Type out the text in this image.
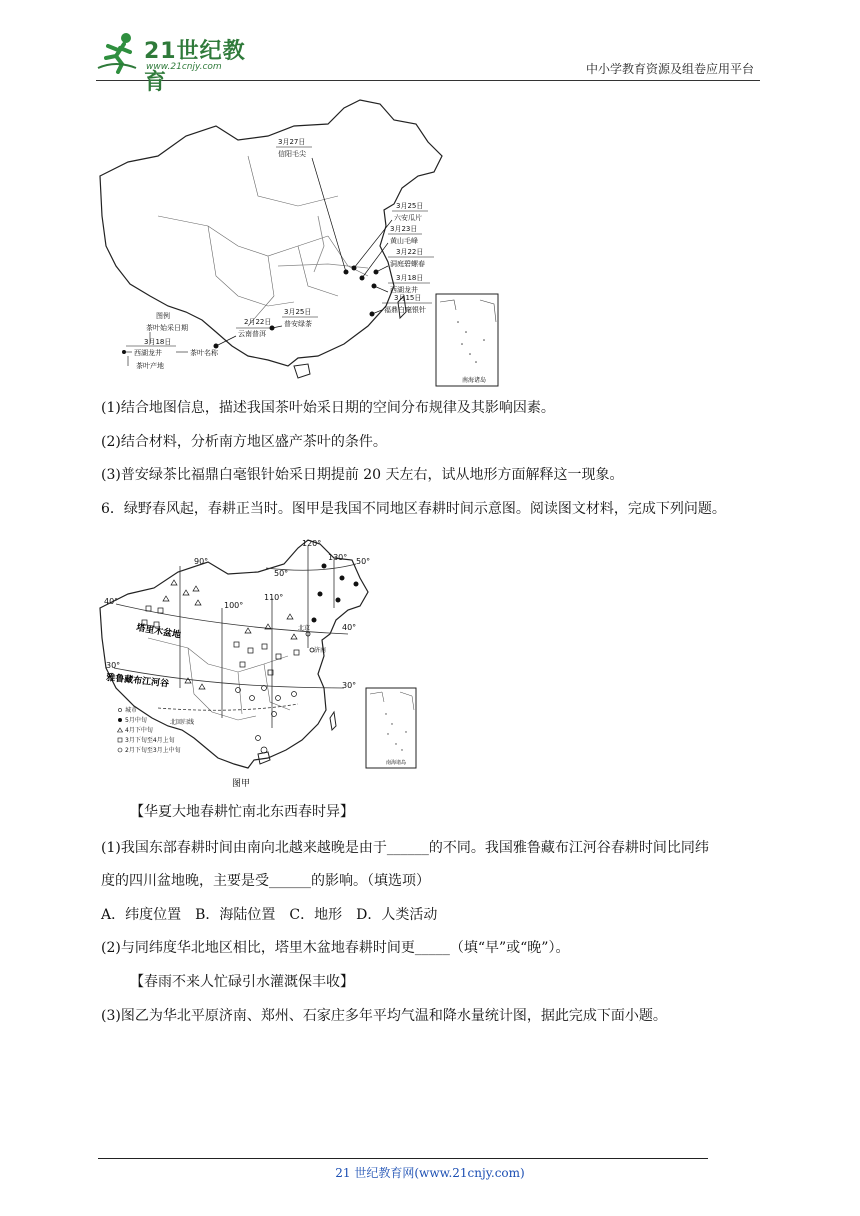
21世纪教育
www.21cnjy.com	中小学教育资源及组卷应用平台
3月27日
信阳毛尖
3月25日
六安瓜片
3月23日
黄山毛峰
3月22日
洞庭碧螺春
3月18日
西湖龙井
3月15日
福鼎白毫银针
3月25日
普安绿茶
2月22日
云南普洱
图例
茶叶始采日期
3月18日
西湖龙井	茶叶名称
茶叶产地
南海诸岛
(1)结合地图信息，描述我国茶叶始采日期的空间分布规律及其影响因素。
(2)结合材料，分析南方地区盛产茶叶的条件。
(3)普安绿茶比福鼎白毫银针始采日期提前 20 天左右，试从地形方面解释这一现象。
6．绿野春风起，春耕正当时。图甲是我国不同地区春耕时间示意图。阅读图文材料，完成下列问题。
90°
100°
110°
120°
130°
40°
50°
30°
40°
30°
50°
塔里木盆地
雅鲁藏布江河谷
北回归线
北京
济南
城市
5月中旬
4月下中旬
3月下旬至4月上旬
2月下旬至3月上中旬
南海诸岛
图甲
【华夏大地春耕忙南北东西春时异】
(1)我国东部春耕时间由南向北越来越晚是由于______的不同。我国雅鲁藏布江河谷春耕时间比同纬
度的四川盆地晚，主要是受______的影响。（填选项）
A．纬度位置　B．海陆位置　C．地形　D．人类活动
(2)与同纬度华北地区相比，塔里木盆地春耕时间更_____（填“早”或“晚”）。
【春雨不来人忙碌引水灌溉保丰收】
(3)图乙为华北平原济南、郑州、石家庄多年平均气温和降水量统计图，据此完成下面小题。
21 世纪教育网(www.21cnjy.com)
